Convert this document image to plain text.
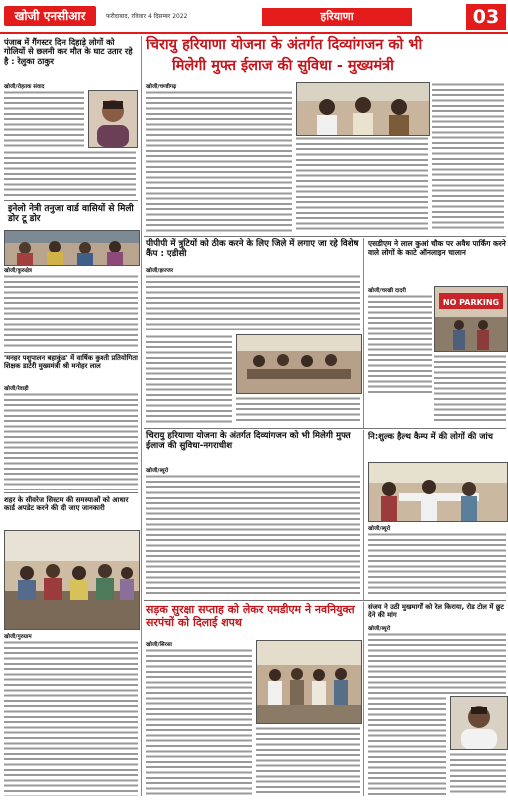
खोजी एनसीआर	फरीदाबाद, रविवार 4 दिसम्बर 2022	हरियाणा	03
पंजाब में गैंगस्टर दिन दिहाड़े लोगों को गोलियों से छलनी कर मौत के घाट उतार रहे है : रेलुका ठाकुर
खोजी/रोहतक संवाद
इनेलो नेत्री तनुजा वार्ड वासियों से मिली डोर टू डोर
खोजी/कुरुक्षेत्र
'मनहर पशुपालन बहाकुंड' में वार्षिक कुश्ती प्रतियोगिता शिक्षक डाटेरी मुख्यमंत्री श्री मनोहर लाल
खोजी/रेवाड़ी
शहर के सीवरेज सिस्टम की समस्याओं को आधार कार्ड अपडेट करने की दी जाए जानकारी
खोजी/गुरुग्राम
चिरायु हरियाणा योजना के अंतर्गत दिव्यांगजन को भी
मिलेगी मुफ्त ईलाज की सुविधा - मुख्यमंत्री
खोजी/चण्डीगढ़
पीपीपी में त्रुटियों को ठीक करने के लिए जिले में लगाए जा रहे विशेष कैंप : एडीसी
खोजी/झज्जर
एसडीएम ने लाल कुआं चौक पर अवैध पार्किंग करने वाले लोगों के काटे ऑनलाइन चालान
खोजी/चरखी दादरी
NO PARKING
चिरायु हरियाणा योजना के अंतर्गत दिव्यांगजन को भी मिलेगी मुफ्त ईलाज की सुविधा-नगराधीश
खोजी/ब्यूरो
नि:शुल्क हैल्थ कैम्प में की लोगों की जांच
खोजी/ब्यूरो
सड़क सुरक्षा सप्ताह को लेकर एमडीएम ने नवनियुक्त सरपंचों को दिलाई शपथ
खोजी/सिरसा
संजय ने उठी मुखमार्गों को रेल किराया, रोड टोल में छूट देने की मांग
खोजी/ब्यूरो
